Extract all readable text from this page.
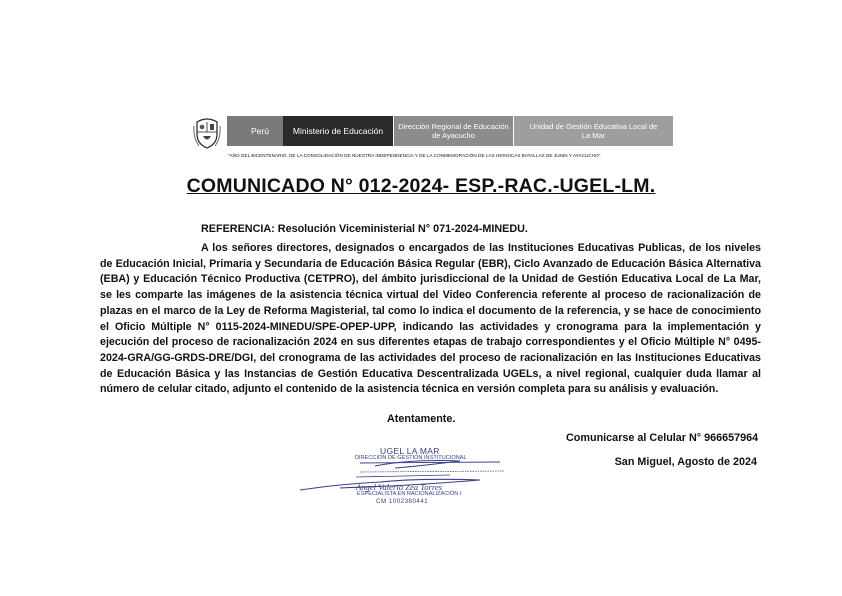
Perú	Ministerio de Educación Dirección Regional de Educación
de Ayacucho
Unidad de Gestión Educativa Local de
La Mar
"AÑO DEL BICENTENARIO, DE LA CONSOLIDACIÓN DE NUESTRA INDEPENDENCIA Y DE LA CONMEMORACIÓN DE LAS HEROICAS BATALLAS DE JUNIN Y AYACUCHO"
COMUNICADO N° 012-2024- ESP.-RAC.-UGEL-LM.
REFERENCIA: Resolución Viceministerial N° 071-2024-MINEDU.

A los señores directores, designados o encargados de las Instituciones Educativas Publicas, de los niveles de Educación Inicial, Primaria y Secundaria de Educación Básica Regular (EBR), Ciclo Avanzado de Educación Básica Alternativa (EBA) y Educación Técnico Productiva (CETPRO), del ámbito jurisdiccional de la Unidad de Gestión Educativa Local de La Mar, se les comparte las imágenes de la asistencia técnica virtual del Video Conferencia referente al proceso de racionalización de plazas en el marco de la Ley de Reforma Magisterial, tal como lo indica el documento de la referencia, y se hace de conocimiento el Oficio Múltiple N° 0115-2024-MINEDU/SPE-OPEP-UPP, indicando las actividades y cronograma para la implementación y ejecución del proceso de racionalización 2024 en sus diferentes etapas de trabajo correspondientes y el Oficio Múltiple N° 0495-2024-GRA/GG-GRDS-DRE/DGI, del cronograma de las actividades del proceso de racionalización en las Instituciones Educativas de Educación Básica y las Instancias de Gestión Educativa Descentralizada UGELs, a nivel regional, cualquier duda llamar al número de celular citado, adjunto el contenido de la asistencia técnica en versión completa para su análisis y evaluación.

Atentamente.
Comunicarse al Celular N° 966657964
San Miguel, Agosto de 2024
UGEL LA MAR
DIRECCIÓN DE GESTIÓN INSTITUCIONAL
Angel Valerio Zea Torres
ESPECIALISTA EN RACIONALIZACIÓN I
CM 1002380441
